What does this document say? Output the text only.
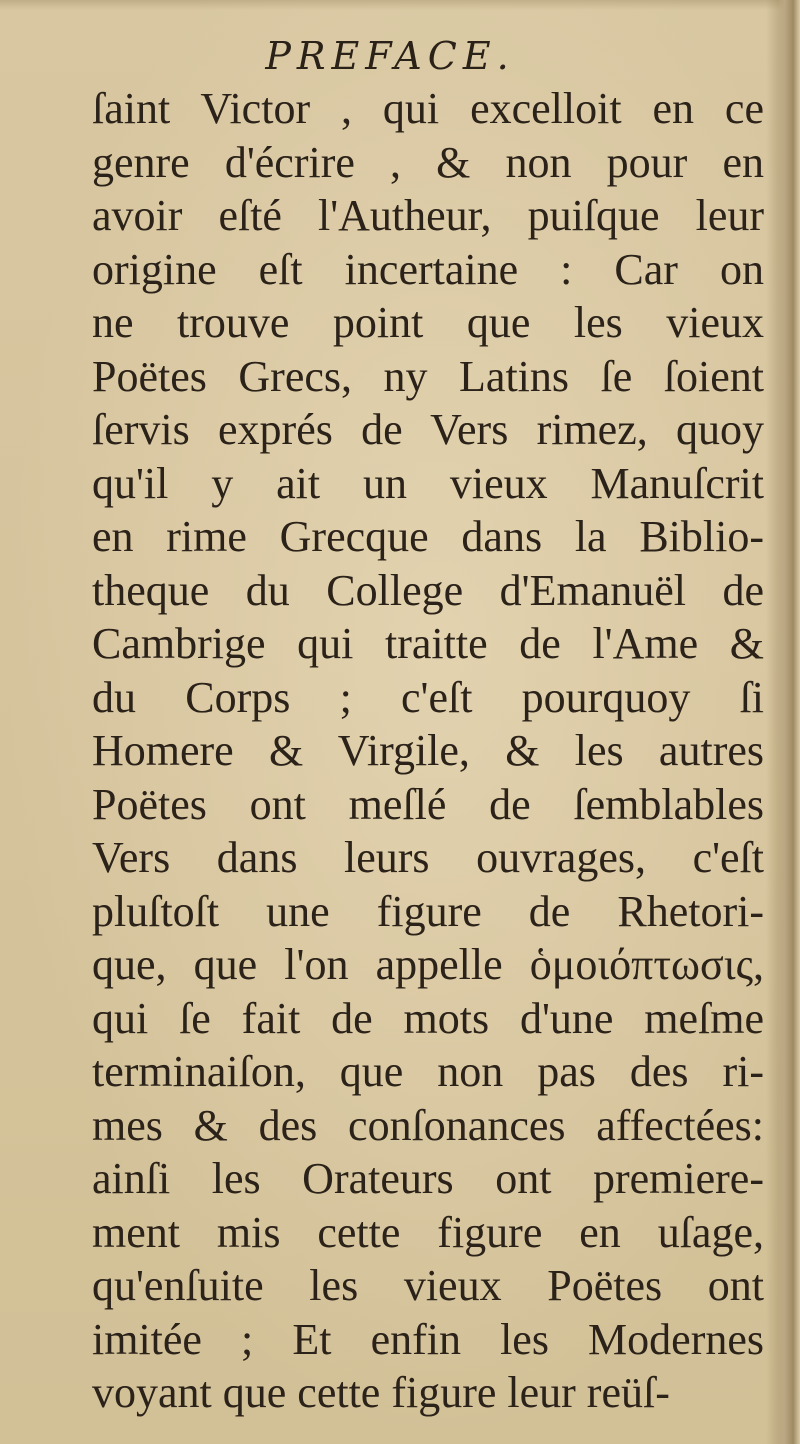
PREFACE.
ſaint Victor , qui excelloit en ce
genre d'écrire , & non pour en
avoir eſté l'Autheur, puiſque leur
origine eſt incertaine : Car on
ne trouve point que les vieux
Poëtes Grecs, ny Latins ſe ſoient
ſervis exprés de Vers rimez, quoy
qu'il y ait un vieux Manuſcrit
en rime Grecque dans la Biblio-
theque du College d'Emanuël de
Cambrige qui traitte de l'Ame &
du Corps ; c'eſt pourquoy ſi
Homere & Virgile, & les autres
Poëtes ont meſlé de ſemblables
Vers dans leurs ouvrages, c'eſt
pluſtoſt une figure de Rhetori-
que, que l'on appelle ὁμοιόπτωσις,
qui ſe fait de mots d'une meſme
terminaiſon, que non pas des ri-
mes & des conſonances affectées:
ainſi les Orateurs ont premiere-
ment mis cette figure en uſage,
qu'enſuite les vieux Poëtes ont
imitée ; Et enfin les Modernes
voyant que cette figure leur reüſ-
